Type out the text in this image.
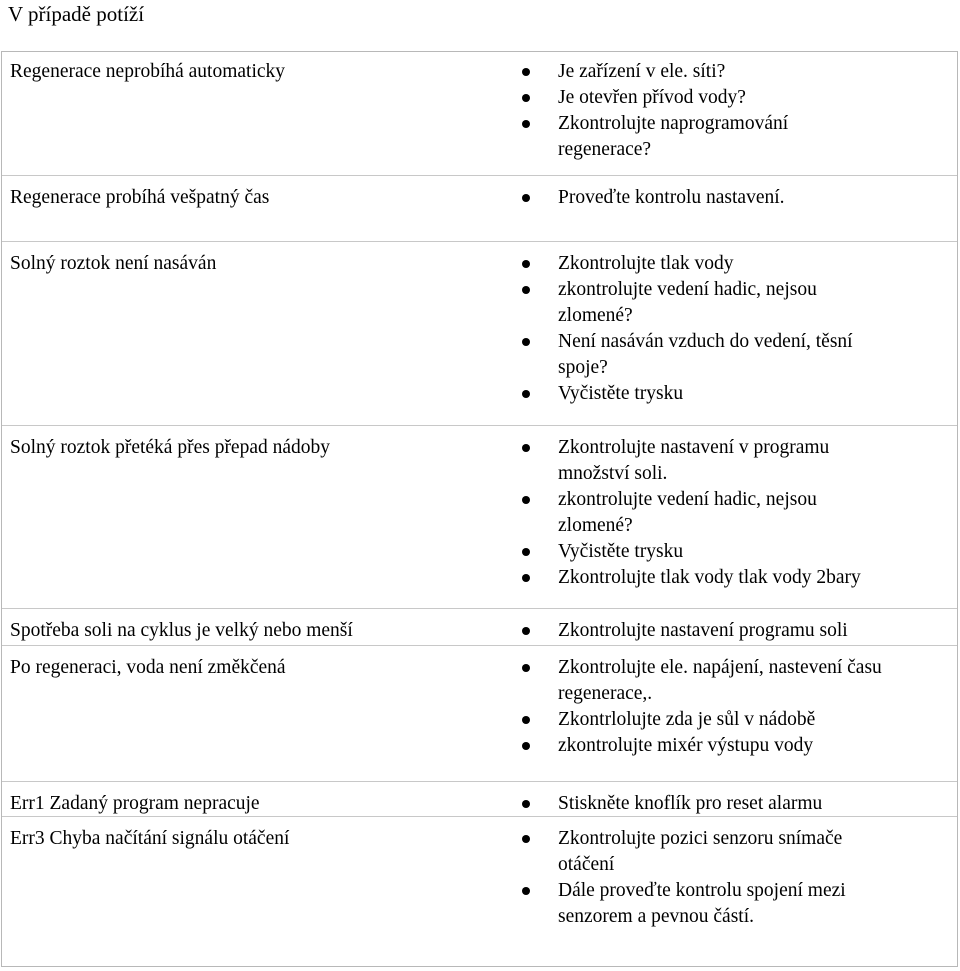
V případě potíží
Regenerace neprobíhá automaticky	Je zařízení v ele. síti?
Je otevřen přívod vody?
Zkontrolujte naprogramování
regenerace?
Regenerace probíhá vešpatný čas	Proveďte kontrolu nastavení.
Solný roztok není nasáván	Zkontrolujte tlak vody
zkontrolujte vedení hadic, nejsou
zlomené?
Není nasáván vzduch do vedení, těsní
spoje?
Vyčistěte trysku
Solný roztok přetéká přes přepad nádoby	Zkontrolujte nastavení v programu
množství soli.
zkontrolujte vedení hadic, nejsou
zlomené?
Vyčistěte trysku
Zkontrolujte tlak vody tlak vody 2bary
Spotřeba soli na cyklus je velký nebo menší	Zkontrolujte nastavení programu soli
Po regeneraci, voda není změkčená	Zkontrolujte ele. napájení, nastevení času
regenerace,.
Zkontrlolujte zda je sůl v nádobě
zkontrolujte mixér výstupu vody
Err1 Zadaný program nepracuje	Stiskněte knoflík pro reset alarmu
Err3 Chyba načítání signálu otáčení	Zkontrolujte pozici senzoru snímače
otáčení
Dále proveďte kontrolu spojení mezi
senzorem a pevnou částí.
